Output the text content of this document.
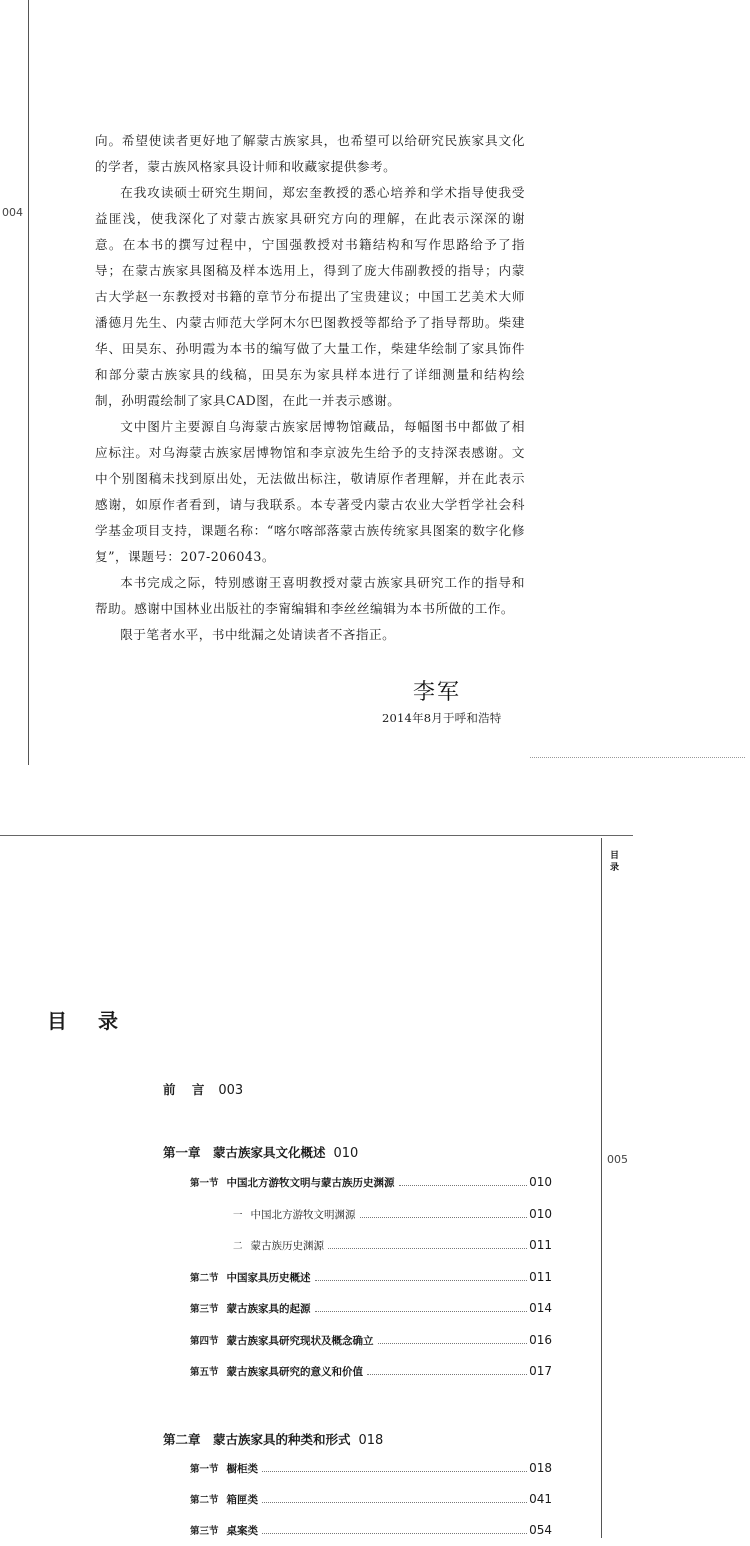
004

向。希望使读者更好地了解蒙古族家具，也希望可以给研究民族家具文化的学者，蒙古族风格家具设计师和收藏家提供参考。

在我攻读硕士研究生期间，郑宏奎教授的悉心培养和学术指导使我受益匪浅，使我深化了对蒙古族家具研究方向的理解，在此表示深深的谢意。在本书的撰写过程中，宁国强教授对书籍结构和写作思路给予了指导；在蒙古族家具图稿及样本选用上，得到了庞大伟副教授的指导；内蒙古大学赵一东教授对书籍的章节分布提出了宝贵建议；中国工艺美术大师潘德月先生、内蒙古师范大学阿木尔巴图教授等都给予了指导帮助。柴建华、田昊东、孙明霞为本书的编写做了大量工作，柴建华绘制了家具饰件和部分蒙古族家具的线稿，田昊东为家具样本进行了详细测量和结构绘制，孙明霞绘制了家具CAD图，在此一并表示感谢。

文中图片主要源自乌海蒙古族家居博物馆藏品，每幅图书中都做了相应标注。对乌海蒙古族家居博物馆和李京波先生给予的支持深表感谢。文中个别图稿未找到原出处，无法做出标注，敬请原作者理解，并在此表示感谢，如原作者看到，请与我联系。本专著受内蒙古农业大学哲学社会科学基金项目支持，课题名称：“喀尔喀部落蒙古族传统家具图案的数字化修复”，课题号：207-206043。

本书完成之际，特别感谢王喜明教授对蒙古族家具研究工作的指导和帮助。感谢中国林业出版社的李甯编辑和李丝丝编辑为本书所做的工作。

限于笔者水平，书中纰漏之处请读者不吝指正。

李军
2014年8月于呼和浩特
目录
005
目 录
前 言 003
第一章　蒙古族家具文化概述 010
第一节 中国北方游牧文明与蒙古族历史渊源	010
一 中国北方游牧文明渊源	010
二 蒙古族历史渊源	011
第二节 中国家具历史概述	011
第三节 蒙古族家具的起源	014
第四节 蒙古族家具研究现状及概念确立	016
第五节 蒙古族家具研究的意义和价值	017
第二章　蒙古族家具的种类和形式 018
第一节 橱柜类	018
第二节 箱匣类	041
第三节 桌案类	054
